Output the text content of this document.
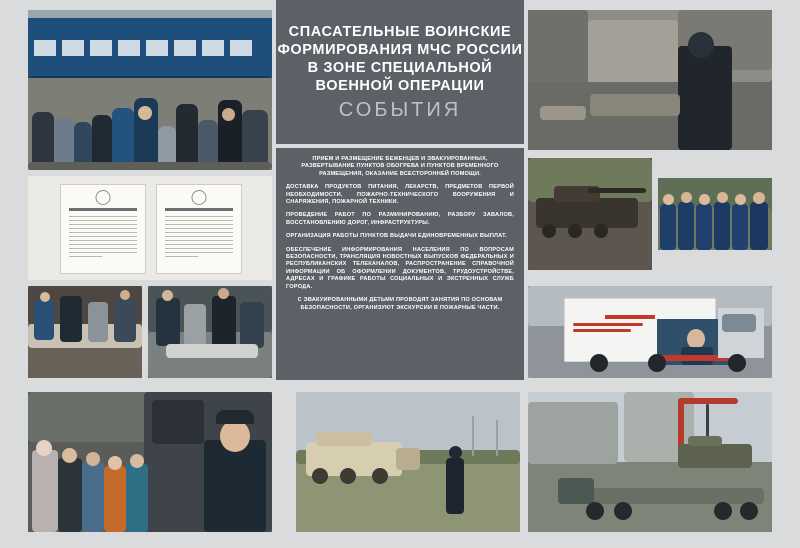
СПАСАТЕЛЬНЫЕ ВОИНСКИЕ
ФОРМИРОВАНИЯ МЧС РОССИИ
В ЗОНЕ СПЕЦИАЛЬНОЙ
ВОЕННОЙ ОПЕРАЦИИ
СОБЫТИЯ

ПРИЕМ И РАЗМЕЩЕНИЕ БЕЖЕНЦЕВ И ЭВАКУИРОВАННЫХ, РАЗВЕРТЫВАНИЕ ПУНКТОВ ОБОГРЕВА И ПУНКТОВ ВРЕМЕННОГО РАЗМЕЩЕНИЯ, ОКАЗАНИЕ ВСЕСТОРОННЕЙ ПОМОЩИ.

ДОСТАВКА ПРОДУКТОВ ПИТАНИЯ, ЛЕКАРСТВ, ПРЕДМЕТОВ ПЕРВОЙ НЕОБХОДИМОСТИ, ПОЖАРНО-ТЕХНИЧЕСКОГО ВООРУЖЕНИЯ И СНАРЯЖЕНИЯ, ПОЖАРНОЙ ТЕХНИКИ.

ПРОВЕДЕНИЕ РАБОТ ПО РАЗМИНИРОВАНИЮ, РАЗБОРУ ЗАВАЛОВ, ВОССТАНОВЛЕНИЮ ДОРОГ, ИНФРАСТРУКТУРЫ.

ОРГАНИЗАЦИЯ РАБОТЫ ПУНКТОВ ВЫДАЧИ ЕДИНОВРЕМЕННЫХ ВЫПЛАТ.

ОБЕСПЕЧЕНИЕ ИНФОРМИРОВАНИЯ НАСЕЛЕНИЯ ПО ВОПРОСАМ БЕЗОПАСНОСТИ, ТРАНСЛЯЦИЯ НОВОСТНЫХ ВЫПУСКОВ ФЕДЕРАЛЬНЫХ И РЕСПУБЛИКАНСКИХ ТЕЛЕКАНАЛОВ, РАСПРОСТРАНЕНИЕ СПРАВОЧНОЙ ИНФОРМАЦИИ ОБ ОФОРМЛЕНИИ ДОКУМЕНТОВ, ТРУДОУСТРОЙСТВЕ, АДРЕСАХ И ГРАФИКЕ РАБОТЫ СОЦИАЛЬНЫХ И ЭКСТРЕННЫХ СЛУЖБ ГОРОДА.

С ЭВАКУИРОВАННЫМИ ДЕТЬМИ ПРОВОДЯТ ЗАНЯТИЯ ПО ОСНОВАМ БЕЗОПАСНОСТИ, ОРГАНИЗУЮТ ЭКСКУРСИИ В ПОЖАРНЫЕ ЧАСТИ.
